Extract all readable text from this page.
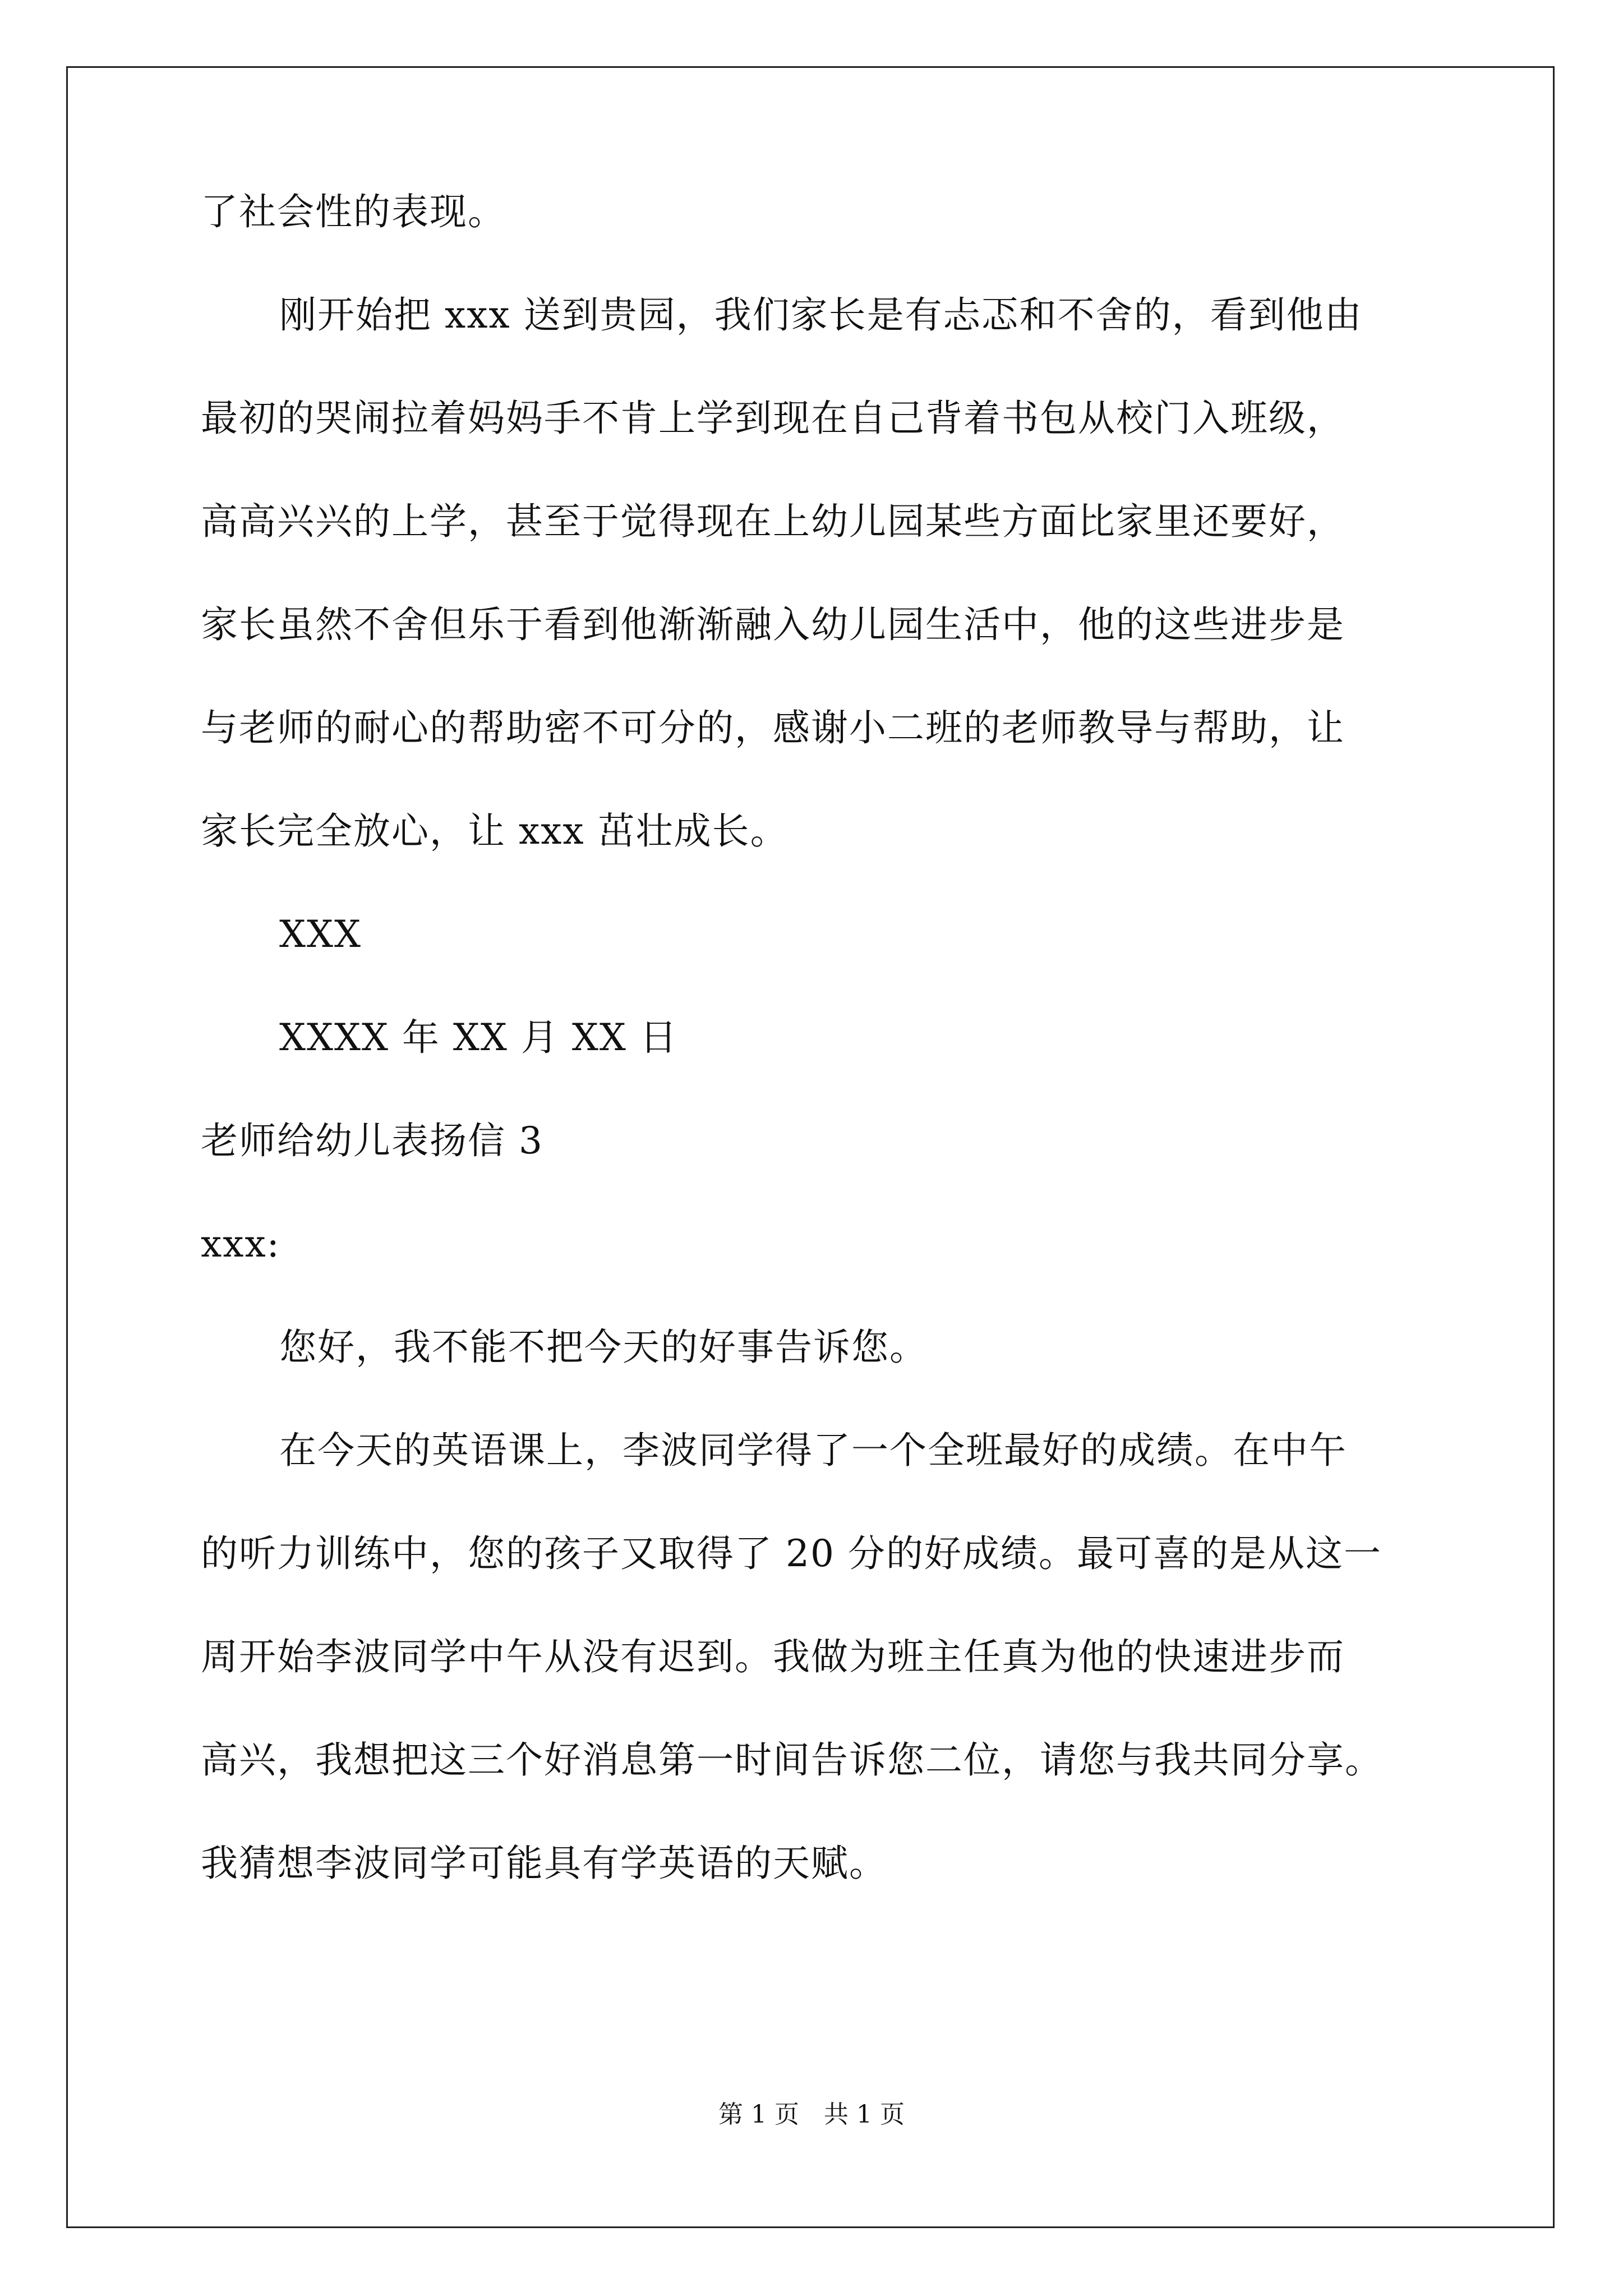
了社会性的表现。
刚开始把 xxx 送到贵园，我们家长是有忐忑和不舍的，看到他由
最初的哭闹拉着妈妈手不肯上学到现在自己背着书包从校门入班级，
高高兴兴的上学，甚至于觉得现在上幼儿园某些方面比家里还要好，
家长虽然不舍但乐于看到他渐渐融入幼儿园生活中，他的这些进步是
与老师的耐心的帮助密不可分的，感谢小二班的老师教导与帮助，让
家长完全放心，让 xxx 茁壮成长。
XXX
XXXX 年 XX 月 XX 日
老师给幼儿表扬信 3
xxx:
您好，我不能不把今天的好事告诉您。
在今天的英语课上，李波同学得了一个全班最好的成绩。在中午
的听力训练中，您的孩子又取得了 20 分的好成绩。最可喜的是从这一
周开始李波同学中午从没有迟到。我做为班主任真为他的快速进步而
高兴，我想把这三个好消息第一时间告诉您二位，请您与我共同分享。
我猜想李波同学可能具有学英语的天赋。
第 1 页　共 1 页
